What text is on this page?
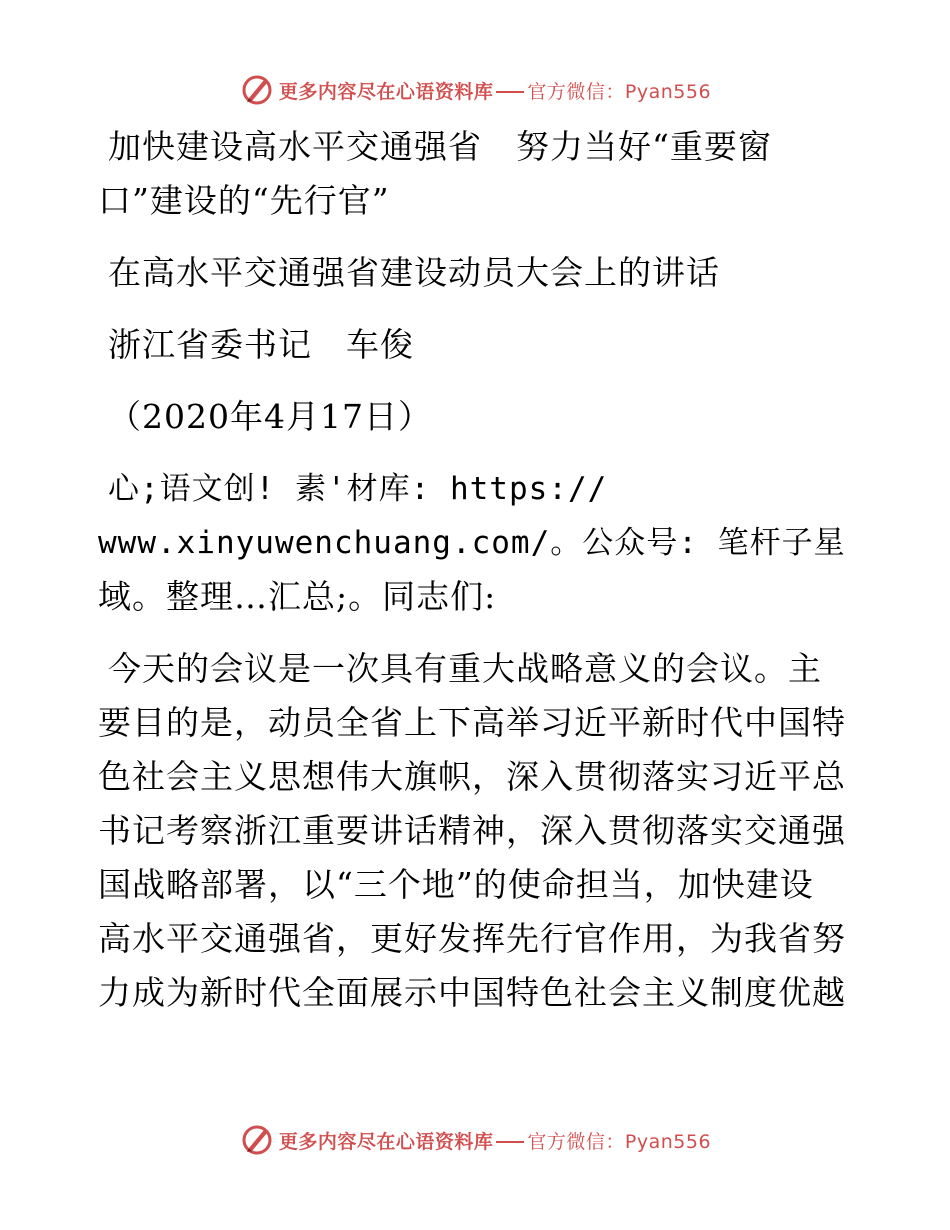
更多内容尽在心语资料库 官方微信：Pyan556
加快建设高水平交通强省　努力当好“重要窗
口”建设的“先行官”
在高水平交通强省建设动员大会上的讲话
浙江省委书记　车俊
（2020年4月17日）
心;语文创! 素'材库: https://
www.xinyuwenchuang.com/。公众号: 笔杆子星
域。整理…汇总;。同志们:
今天的会议是一次具有重大战略意义的会议。主
要目的是，动员全省上下高举习近平新时代中国特
色社会主义思想伟大旗帜，深入贯彻落实习近平总
书记考察浙江重要讲话精神，深入贯彻落实交通强
国战略部署，以“三个地”的使命担当，加快建设
高水平交通强省，更好发挥先行官作用，为我省努
力成为新时代全面展示中国特色社会主义制度优越
更多内容尽在心语资料库 官方微信：Pyan556
